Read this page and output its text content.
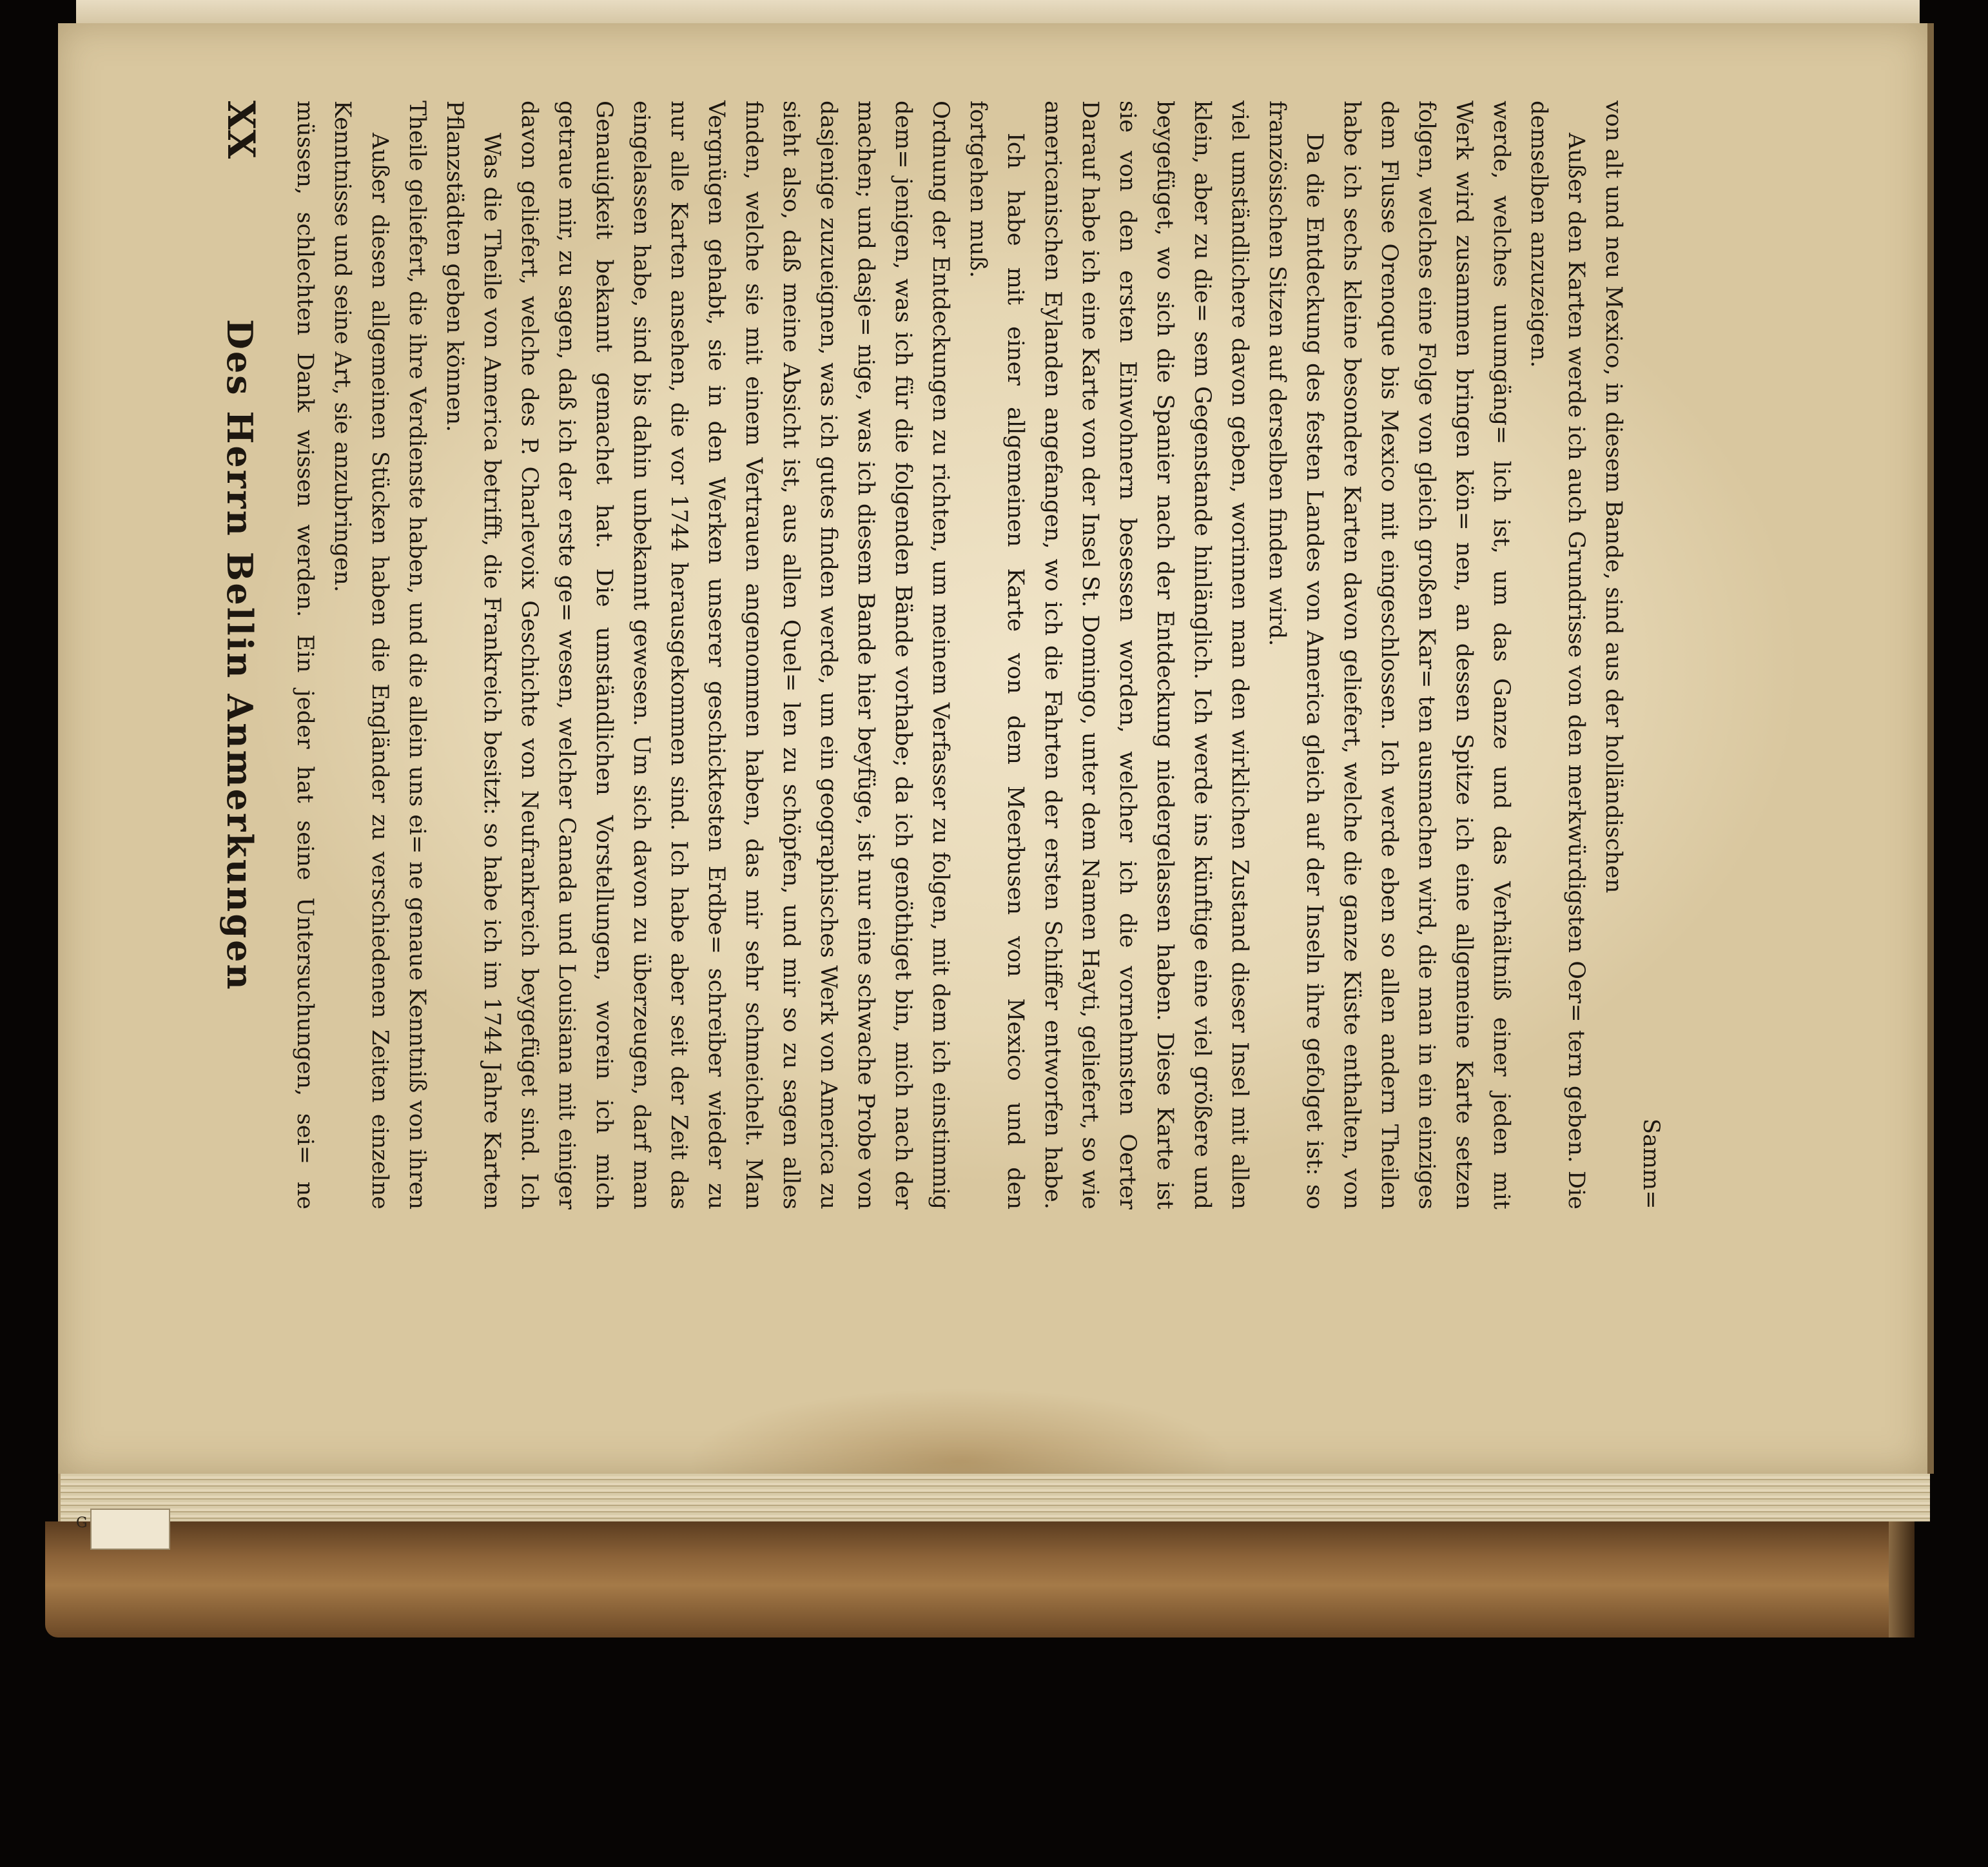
G
Des Herrn Bellin Anmerkungen
XX müssen, schlechten Dank wissen werden. Ein jeder hat seine Untersuchungen, sei= ne Kenntnisse und seine Art, sie anzubringen. Außer diesen allgemeinen Stücken haben die Engländer zu verschiedenen Zeiten einzelne Theile geliefert, die ihre Verdienste haben, und die allein uns ei= ne genaue Kenntniß von ihren Pflanzstädten geben können. Was die Theile von America betrifft, die Frankreich besitzt: so habe ich im 1744 Jahre Karten davon geliefert, welche des P. Charlevoix Geschichte von Neufrankreich beygefüget sind. Ich getraue mir, zu sagen, daß ich der erste ge= wesen, welcher Canada und Louisiana mit einiger Genauigkeit bekannt gemachet hat. Die umständlichen Vorstellungen, worein ich mich eingelassen habe, sind bis dahin unbekannt gewesen. Um sich davon zu überzeugen, darf man nur alle Karten ansehen, die vor 1744 herausgekommen sind. Ich habe aber seit der Zeit das Vergnügen gehabt, sie in den Werken unserer geschicktesten Erdbe= schreiber wieder zu finden, welche sie mit einem Vertrauen angenommen haben, das mir sehr schmeichelt. Man sieht also, daß meine Absicht ist, aus allen Quel= len zu schöpfen, und mir so zu sagen alles dasjenige zuzueignen, was ich gutes finden werde, um ein geographisches Werk von America zu machen; und dasje= nige, was ich diesem Bande hier beyfüge, ist nur eine schwache Probe von dem= jenigen, was ich für die folgenden Bände vorhabe; da ich genöthiget bin, mich nach der Ordnung der Entdeckungen zu richten, um meinem Verfasser zu folgen, mit dem ich einstimmig fortgehen muß. Ich habe mit einer allgemeinen Karte von dem Meerbusen von Mexico und den americanischen Eylanden angefangen, wo ich die Fahrten der ersten Schiffer entworfen habe. Darauf habe ich eine Karte von der Insel St. Domingo, unter dem Namen Hayti, geliefert, so wie sie von den ersten Einwohnern besessen worden, welcher ich die vornehmsten Oerter beygefüget, wo sich die Spanier nach der Entdeckung niedergelassen haben. Diese Karte ist klein, aber zu die= sem Gegenstande hinlänglich. Ich werde ins künftige eine viel größere und viel umständlichere davon geben, worinnen man den wirklichen Zustand dieser Insel mit allen französischen Sitzen auf derselben finden wird. Da die Entdeckung des festen Landes von America gleich auf der Inseln ihre gefolget ist: so habe ich sechs kleine besondere Karten davon geliefert, welche die ganze Küste enthalten, von dem Flusse Orenoque bis Mexico mit eingeschlossen. Ich werde eben so allen andern Theilen folgen, welches eine Folge von gleich großen Kar= ten ausmachen wird, die man in ein einziges Werk wird zusammen bringen kön= nen, an dessen Spitze ich eine allgemeine Karte setzen werde, welches unumgäng= lich ist, um das Ganze und das Verhältniß einer jeden mit demselben anzuzeigen. Außer den Karten werde ich auch Grundrisse von den merkwürdigsten Oer= tern geben. Die von alt und neu Mexico, in diesem Bande, sind aus der holländischen

Samm=
